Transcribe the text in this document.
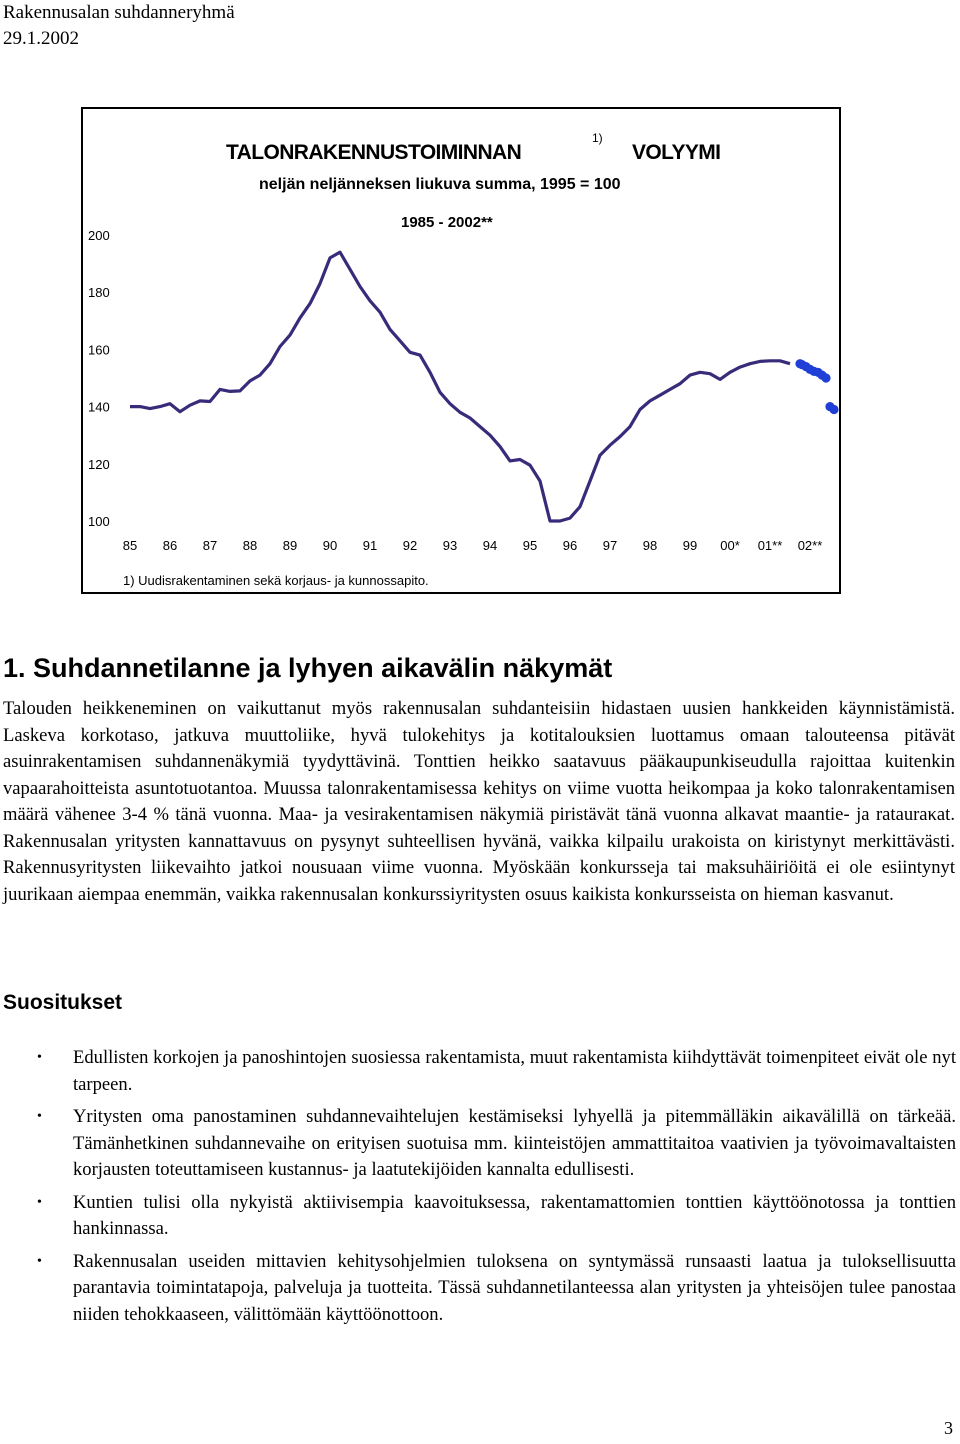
Rakennusalan suhdanneryhmä
29.1.2002
TALONRAKENNUSTOIMINNAN
1)
VOLYYMI
neljän neljänneksen liukuva summa, 1995 = 100
1985 - 2002**
100
120
140
160
180
200
85 86 87 88 89 90 91 92 93 94 95 96 97 98 99 00* 01** 02**
1) Uudisrakentaminen sekä korjaus- ja kunnossapito.
1. Suhdannetilanne ja lyhyen aikavälin näkymät

Talouden heikkeneminen on vaikuttanut myös rakennusalan suhdanteisiin hidastaen uusien hankkeiden käynnistämistä. Laskeva korkotaso, jatkuva muuttoliike, hyvä tulokehitys ja kotitalouksien luottamus omaan talouteensa pitävät asuinrakentamisen suhdannenäkymiä tyydyttävinä. Tonttien heikko saatavuus pääkaupunkiseudulla rajoittaa kuitenkin vapaarahoitteista asuntotuotantoa. Muussa talonrakentamisessa kehitys on viime vuotta heikompaa ja koko talonrakentamisen määrä vähenee 3-4 % tänä vuonna. Maa- ja vesirakentamisen näkymiä piristävät tänä vuonna alkavat maantie- ja ratauraκat. Rakennusalan yritysten kannattavuus on pysynyt suhteellisen hyvänä, vaikka kilpailu urakoista on kiristynyt merkittävästi. Rakennusyritysten liikevaihto jatkoi nousuaan viime vuonna. Myöskään konkursseja tai maksuhäiriöitä ei ole esiintynyt juurikaan aiempaa enemmän, vaikka rakennusalan konkurssiyritysten osuus kaikista konkursseista on hieman kasvanut.

Suositukset
• Edullisten korkojen ja panoshintojen suosiessa rakentamista, muut rakentamista kiihdyttävät toimenpiteet eivät ole nyt tarpeen.
• Yritysten oma panostaminen suhdannevaihtelujen kestämiseksi lyhyellä ja pitemmälläkin aikavälillä on tärkeää. Tämänhetkinen suhdannevaihe on erityisen suotuisa mm. kiinteistöjen ammattitaitoa vaativien ja työvoimavaltaisten korjausten toteuttamiseen kustannus- ja laatutekijöiden kannalta edullisesti.
• Kuntien tulisi olla nykyistä aktiivisempia kaavoituksessa, rakentamattomien tonttien käyttöönotossa ja tonttien hankinnassa.
• Rakennusalan useiden mittavien kehitysohjelmien tuloksena on syntymässä runsaasti laatua ja tuloksellisuutta parantavia toimintatapoja, palveluja ja tuotteita. Tässä suhdannetilanteessa alan yritysten ja yhteisöjen tulee panostaa niiden tehokkaaseen, välittömään käyttöönottoon.
3
